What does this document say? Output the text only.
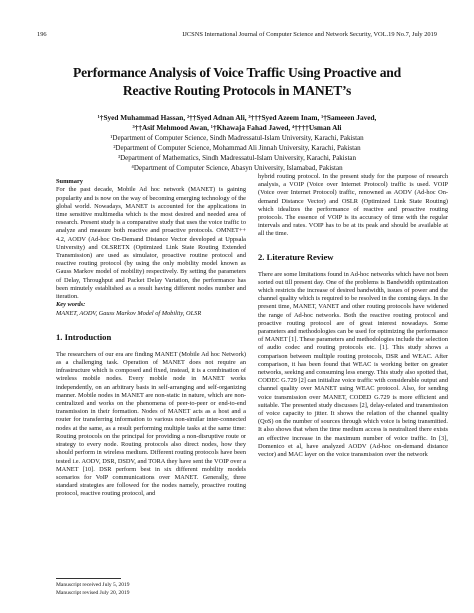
196	IJCSNS International Journal of Computer Science and Network Security, VOL.19 No.7, July 2019
Performance Analysis of Voice Traffic Using Proactive and
Reactive Routing Protocols in MANET’s
¹†Syed Muhammad Hassan, ²††Syed Adnan Ali, ³†††Syed Azeem Inam, ¹†Sameeen Javed,
³††Asif Mehmood Awan, ¹†Khawaja Fahad Jawed, ⁴††††Usman Ali
¹Department of Computer Science, Sindh Madressatul-Islam University, Karachi, Pakistan
²Department of Computer Science, Mohammad Ali Jinnah University, Karachi, Pakistan
³Department of Mathematics, Sindh Madressatul-Islam University, Karachi, Pakistan
⁴Department of Computer Science, Abasyn University, Islamabad, Pakistan
Summary

For the past decade, Mobile Ad hoc network (MANET) is gaining popularity and is now on the way of becoming emerging technology of the global world. Nowadays, MANET is accounted for the applications in time sensitive multimedia which is the most desired and needed area of research. Present study is a comparative study that uses the voice traffic to analyze and measure both reactive and proactive protocols. OMNET++ 4.2, AODV (Ad-hoc On-Demand Distance Vector developed at Uppsala University) and OLSRETX (Optimized Link State Routing Extended Transmission) are used as simulator, proactive routine protocol and reactive routing protocol (by using the only mobility model known as Gauss Markov model of mobility) respectively. By setting the parameters of Delay, Throughput and Packet Delay Variation, the performance has been minutely established as a result having different nodes number and iteration.

Key words:

MANET, AODV, Gauss Markov Model of Mobility, OLSR

1. Introduction

The researchers of our era are finding MANET (Mobile Ad hoc Network) as a challenging task. Operation of MANET does not require an infrastructure which is composed and fixed, instead, it is a combination of wireless mobile nodes. Every mobile node in MANET works independently, on an arbitrary basis in self-arranging and self-organizing manner. Mobile nodes in MANET are non-static in nature, which are non-centralized and works on the phenomena of peer-to-peer or end-to-end transmission in their formation. Nodes of MANET acts as a host and a router for transferring information to various non-similar inter-connected nodes at the same, as a result performing multiple tasks at the same time: Routing protocols on the principal for providing a non-disruptive route or strategy to every node. Routing protocols also direct nodes, how they should perform in wireless medium. Different routing protocols have been tested i.e. AODV, DSR, DSDV, and TORA they have sent the VOIP over a MANET [10]. DSR perform best in six different mobility models scenarios for VoIP communications over MANET. Generally, three standard strategies are followed for the nodes namely, proactive routing protocol, reactive routing protocol, and

hybrid routing protocol. In the present study for the purpose of research analysis, a VOIP (Voice over Internet Protocol) traffic is used. VOIP (Voice over Internet Protocol) traffic, renowned as AODV (Ad-hoc On-demand Distance Vector) and OSLR (Optimized Link State Routing) which idealizes the performance of reactive and proactive routing protocols. The essence of VOIP is its accuracy of time with the regular intervals and rates. VOIP has to be at its peak and should be available at all the time.

2. Literature Review

There are some limitations found in Ad-hoc networks which have not been sorted out till present day. One of the problems is Bandwidth optimization which restricts the increase of desired bandwidth, issues of power and the channel quality which is required to be resolved in the coming days. In the present time, MANET, VANET and other routing protocols have widened the range of Ad-hoc networks. Both the reactive routing protocol and proactive routing protocol are of great interest nowadays. Some parameters and methodologies can be used for optimizing the performance of MANET [1]. These parameters and methodologies include the selection of audio codec and routing protocols etc. [1]. This study shows a comparison between multiple routing protocols, DSR and WEAC. After comparison, it has been found that WEAC is working better on greater networks, seeking and consuming less energy. This study also spotted that, CODEC G.729 [2] can initialize voice traffic with considerable output and channel quality over MANET using WEAC protocol. Also, for sending voice transmission over MANET, CODED G.729 is more efficient and suitable. The presented study discusses [2], delay-related and transmission of voice capacity to jitter. It shows the relation of the channel quality (QoS) on the number of sources through which voice is being transmitted. It also shows that when the time medium access is neutralized there exists an effective increase in the maximum number of voice traffic. In [3], Domenico et al, have analyzed AODV (Ad-hoc on-demand distance vector) and MAC layer on the voice transmission over the network

Manuscript received July 5, 2019
Manuscript revised July 20, 2019
